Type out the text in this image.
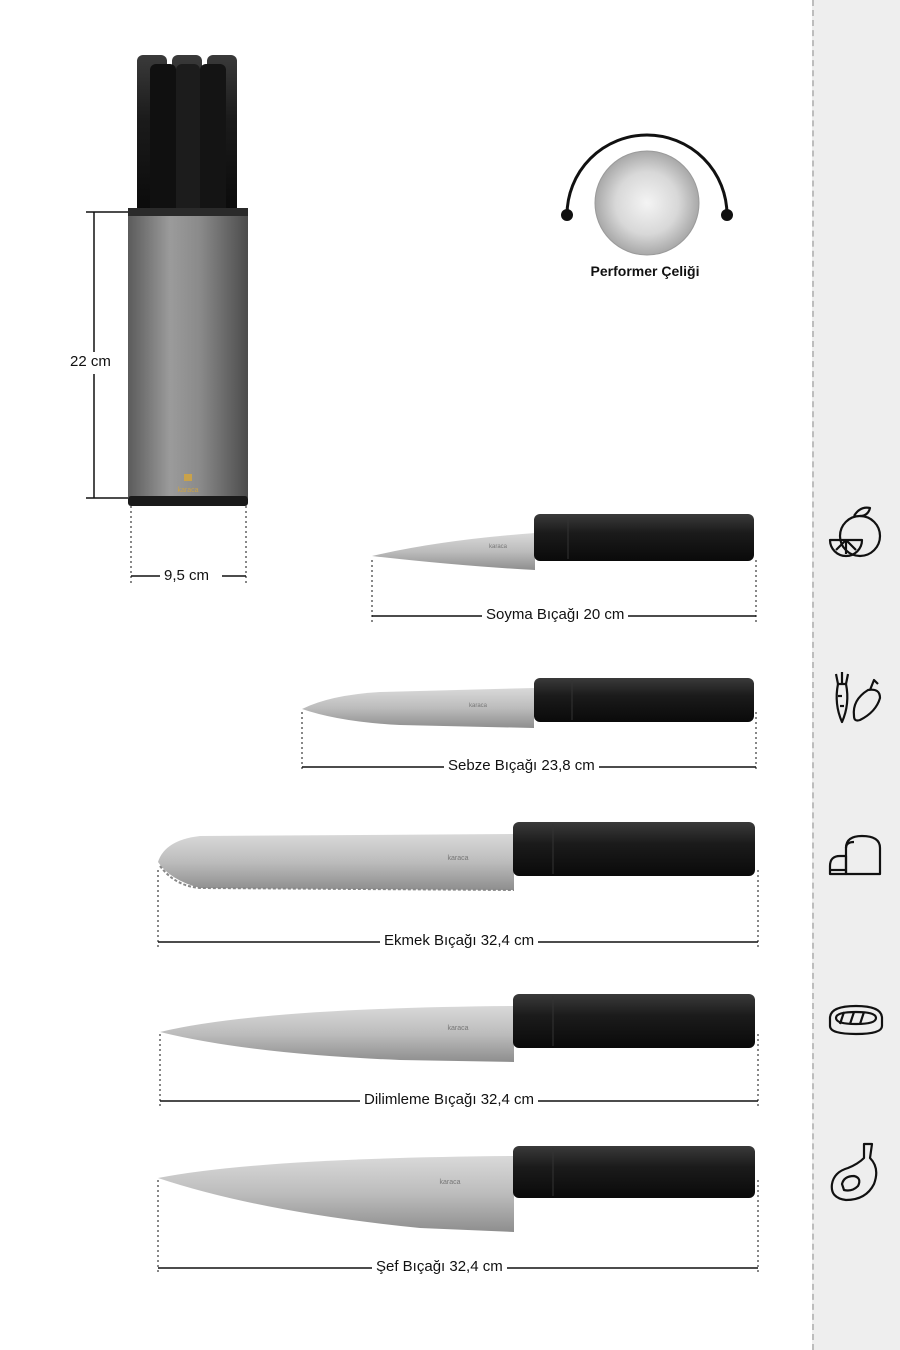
karaca
karaca
karaca
karaca
karaca
karaca
Performer Çeliği
22 cm
9,5 cm
Soyma Bıçağı 20 cm
Sebze Bıçağı 23,8 cm
Ekmek Bıçağı 32,4 cm
Dilimleme Bıçağı 32,4 cm
Şef Bıçağı 32,4 cm
